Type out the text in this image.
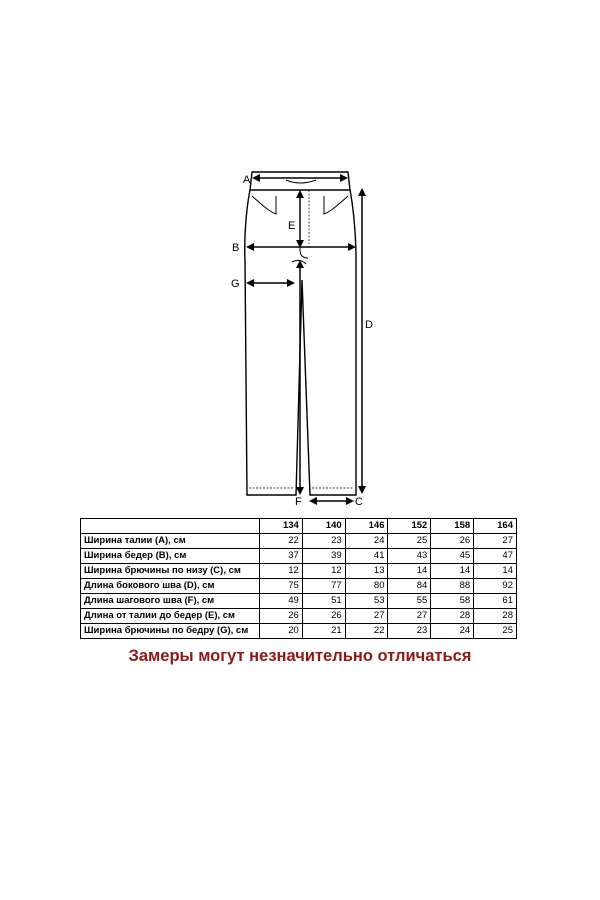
A
B
E
G
D
F	C
	134	140	146	152	158	164
Ширина талии (A), см	22	23	24	25	26	27
Ширина бедер (B), см	37	39	41	43	45	47
Ширина брючины по низу (C), см	12	12	13	14	14	14
Длина бокового шва (D), см	75	77	80	84	88	92
Длина шагового шва (F), см	49	51	53	55	58	61
Длина от талии до бедер (E), см	26	26	27	27	28	28
Ширина брючины по бедру (G), см	20	21	22	23	24	25
Замеры могут незначительно отличаться
